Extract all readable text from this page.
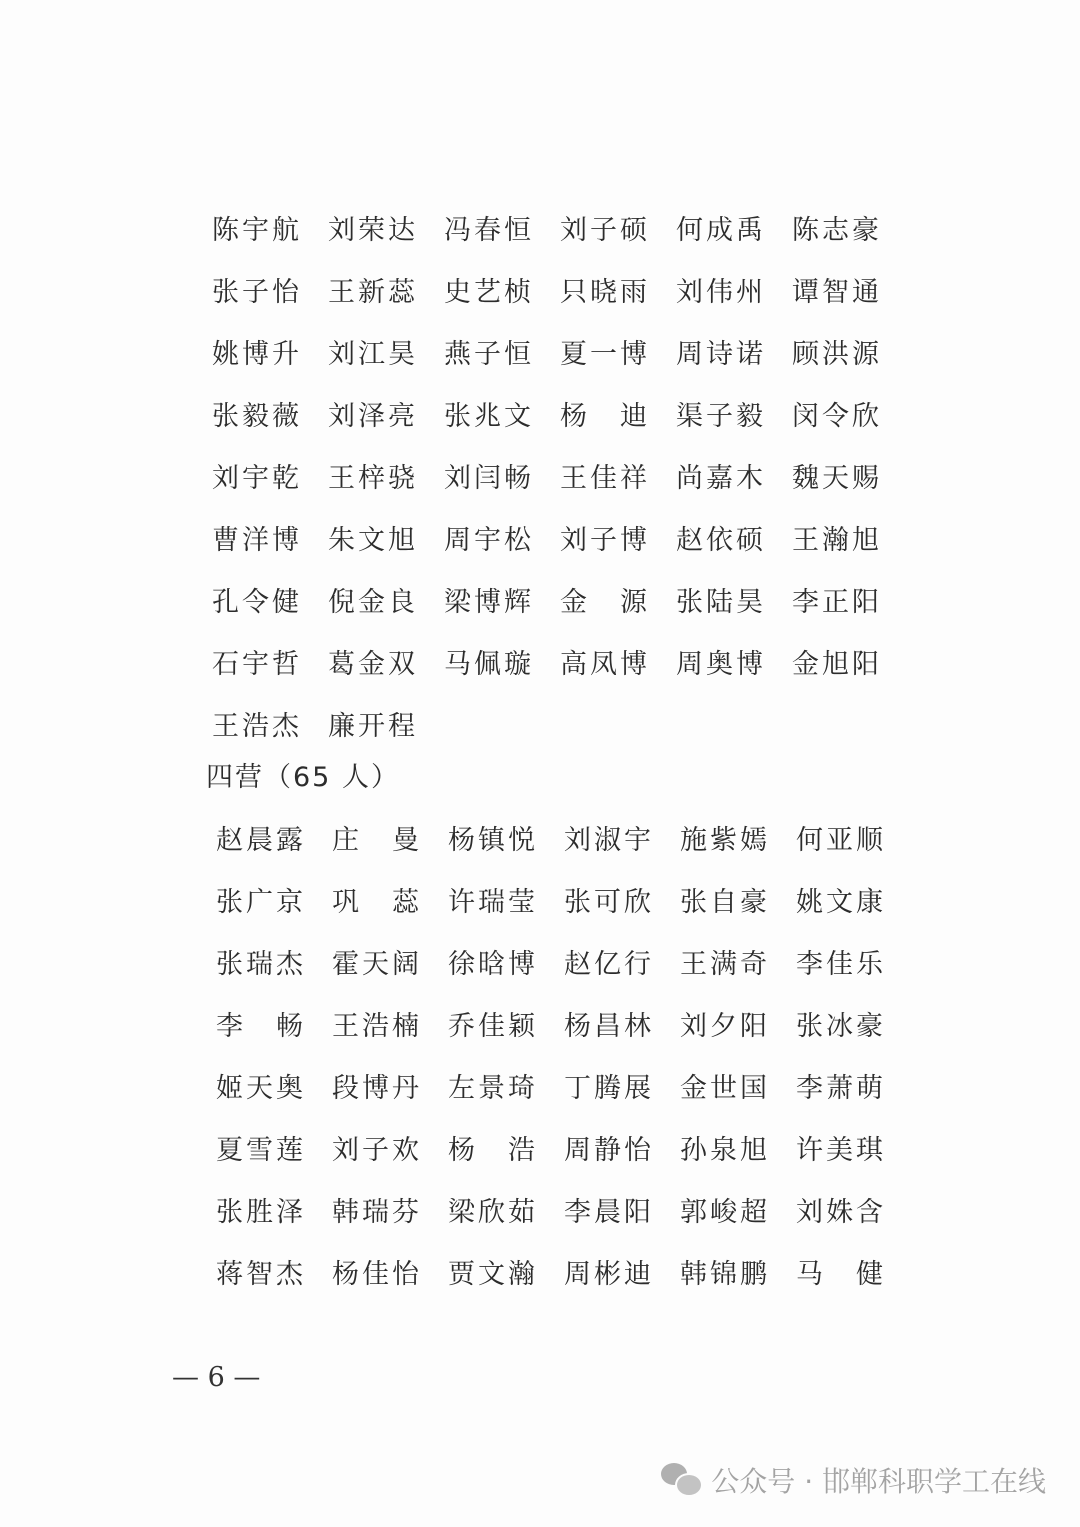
陈宇航 刘荣达 冯春恒 刘子硕 何成禹 陈志豪
张子怡 王新蕊 史艺桢 只晓雨 刘伟州 谭智通
姚博升 刘江昊 燕子恒 夏一博 周诗诺 顾洪源
张毅薇 刘泽亮 张兆文 杨　迪 渠子毅 闵令欣
刘宇乾 王梓骁 刘闫畅 王佳祥 尚嘉木 魏天赐
曹洋博 朱文旭 周宇松 刘子博 赵依硕 王瀚旭
孔令健 倪金良 梁博辉 金　源 张陆昊 李正阳
石宇哲 葛金双 马佩璇 高凤博 周奥博 金旭阳
王浩杰 廉开程
四营（65 人）
赵晨露 庄　曼 杨镇悦 刘淑宇 施紫嫣 何亚顺
张广京 巩　蕊 许瑞莹 张可欣 张自豪 姚文康
张瑞杰 霍天阔 徐晗博 赵亿行 王满奇 李佳乐
李　畅 王浩楠 乔佳颖 杨昌林 刘夕阳 张冰豪
姬天奥 段博丹 左景琦 丁腾展 金世国 李萧萌
夏雪莲 刘子欢 杨　浩 周静怡 孙泉旭 许美琪
张胜泽 韩瑞芬 梁欣茹 李晨阳 郭峻超 刘姝含
蒋智杰 杨佳怡 贾文瀚 周彬迪 韩锦鹏 马　健
— 6 —
公众号 · 邯郸科职学工在线
